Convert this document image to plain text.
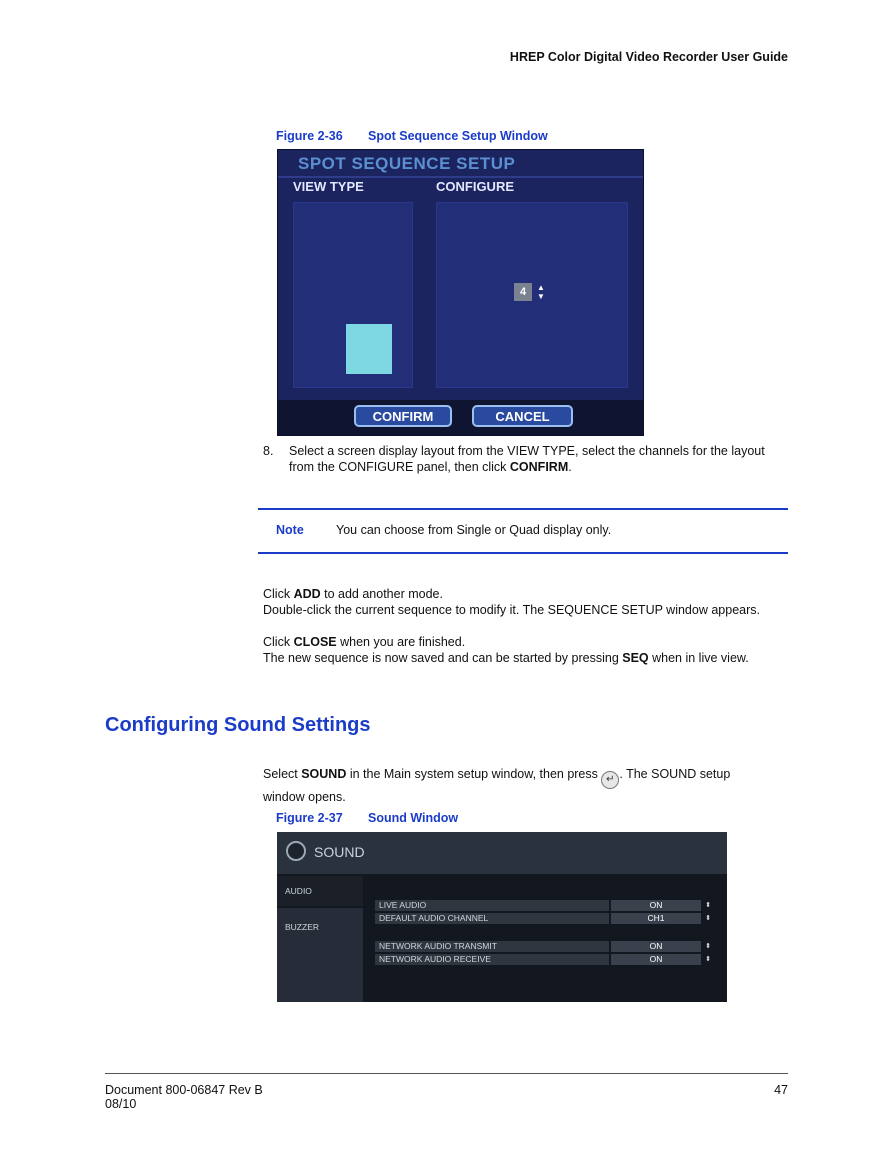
HREP Color Digital Video Recorder User Guide
Figure 2-36 Spot Sequence Setup Window
SPOT SEQUENCE SETUP
VIEW TYPE	CONFIGURE
4	▲
▼
CONFIRM	CANCEL
8. Select a screen display layout from the VIEW TYPE, select the channels for the layout
from the CONFIGURE panel, then click CONFIRM.
Note	You can choose from Single or Quad display only.
Click ADD to add another mode.
Double-click the current sequence to modify it. The SEQUENCE SETUP window appears.
Click CLOSE when you are finished.
The new sequence is now saved and can be started by pressing SEQ when in live view.
Configuring Sound Settings
Select SOUND in the Main system setup window, then press ↵ . The SOUND setup
window opens.
Figure 2-37 Sound Window
SOUND
AUDIO
BUZZER
LIVE AUDIO	ON	⬍
DEFAULT AUDIO CHANNEL	CH1	⬍
NETWORK AUDIO TRANSMIT	ON	⬍
NETWORK AUDIO RECEIVE	ON	⬍
Document 800-06847 Rev B
08/10
47
